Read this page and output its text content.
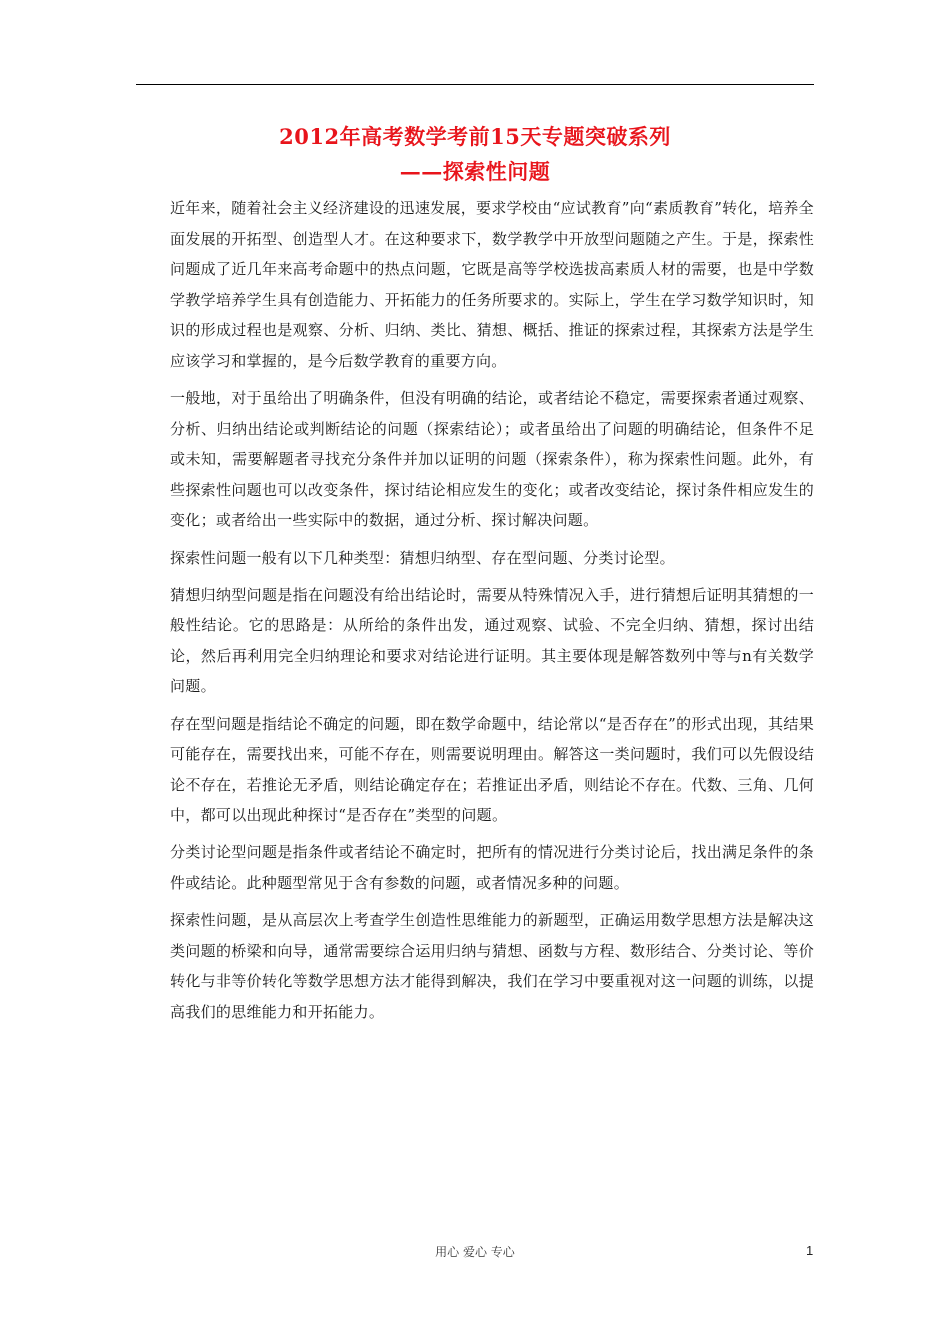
2012年高考数学考前15天专题突破系列
——探索性问题

近年来，随着社会主义经济建设的迅速发展，要求学校由“应试教育”向“素质教育”转化，培养全面发展的开拓型、创造型人才。在这种要求下，数学教学中开放型问题随之产生。于是，探索性问题成了近几年来高考命题中的热点问题，它既是高等学校选拔高素质人材的需要，也是中学数学教学培养学生具有创造能力、开拓能力的任务所要求的。实际上，学生在学习数学知识时，知识的形成过程也是观察、分析、归纳、类比、猜想、概括、推证的探索过程，其探索方法是学生应该学习和掌握的，是今后数学教育的重要方向。

一般地，对于虽给出了明确条件，但没有明确的结论，或者结论不稳定，需要探索者通过观察、分析、归纳出结论或判断结论的问题（探索结论）；或者虽给出了问题的明确结论，但条件不足或未知，需要解题者寻找充分条件并加以证明的问题（探索条件），称为探索性问题。此外，有些探索性问题也可以改变条件，探讨结论相应发生的变化；或者改变结论，探讨条件相应发生的变化；或者给出一些实际中的数据，通过分析、探讨解决问题。

探索性问题一般有以下几种类型：猜想归纳型、存在型问题、分类讨论型。

猜想归纳型问题是指在问题没有给出结论时，需要从特殊情况入手，进行猜想后证明其猜想的一般性结论。它的思路是：从所给的条件出发，通过观察、试验、不完全归纳、猜想，探讨出结论，然后再利用完全归纳理论和要求对结论进行证明。其主要体现是解答数列中等与n有关数学问题。

存在型问题是指结论不确定的问题，即在数学命题中，结论常以“是否存在”的形式出现，其结果可能存在，需要找出来，可能不存在，则需要说明理由。解答这一类问题时，我们可以先假设结论不存在，若推论无矛盾，则结论确定存在；若推证出矛盾，则结论不存在。代数、三角、几何中，都可以出现此种探讨“是否存在”类型的问题。

分类讨论型问题是指条件或者结论不确定时，把所有的情况进行分类讨论后，找出满足条件的条件或结论。此种题型常见于含有参数的问题，或者情况多种的问题。

探索性问题，是从高层次上考查学生创造性思维能力的新题型，正确运用数学思想方法是解决这类问题的桥梁和向导，通常需要综合运用归纳与猜想、函数与方程、数形结合、分类讨论、等价转化与非等价转化等数学思想方法才能得到解决，我们在学习中要重视对这一问题的训练，以提高我们的思维能力和开拓能力。

用心 爱心 专心	1
